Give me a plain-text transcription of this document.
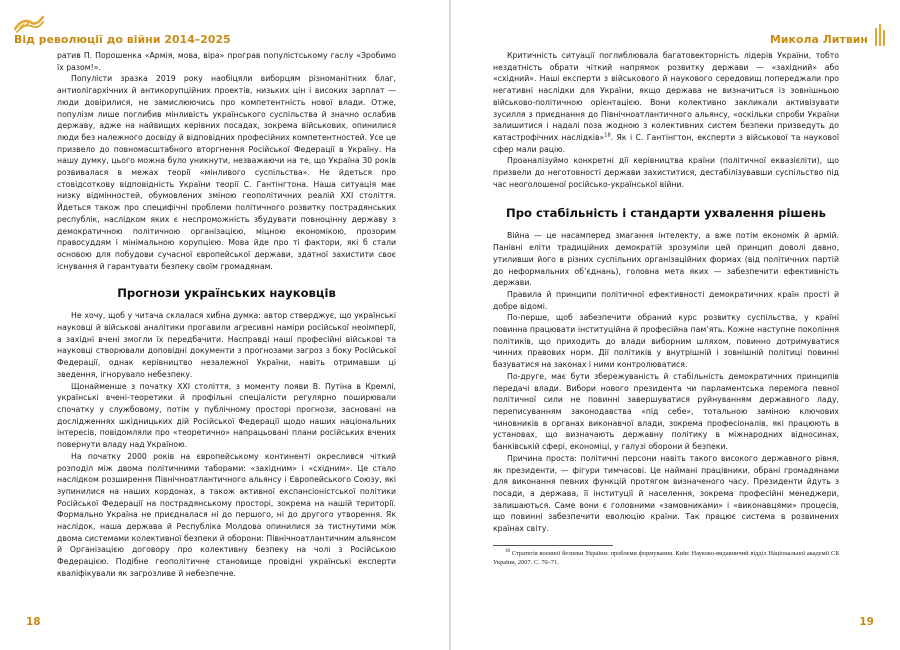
Від революції до війни 2014–2025

ратив П. Порошенка «Армія, мова, віра» програв популістському гаслу «Зробимо їх разом!».

Популісти зразка 2019 року наобіцяли виборцям різноманітних благ, антиолігархічних й антикорупційних проектів, низьких цін і високих зарплат — люди довірилися, не замислюючись про компетентність нової влади. Отже, популізм лише поглибив мінливість українського суспільства й значно ослабив державу, адже на найвищих керівних посадах, зокрема військових, опинилися люди без належного досвіду й відповідних професійних компетентностей. Усе це призвело до повномасштабного вторгнення Російської Федерації в Україну. На нашу думку, цього можна було уникнути, незважаючи на те, що Україна 30 років розвивалася в межах теорії «мінливого суспільства». Не йдеться про стовідсоткову відповідність України теорії С. Гантінгтона. Наша ситуація має низку відмінностей, обумовлених зміною геополітичних реалій XXI століття. Йдеться також про специфічні проблеми політичного розвитку пострадянських республік, наслідком яких є неспроможність збудувати повноцінну державу з демократичною політичною організацією, міцною економікою, прозорим правосуддям і мінімальною корупцією. Мова йде про ті фактори, які б стали основою для побудови сучасної європейської держави, здатної захистити своє існування й гарантувати безпеку своїм громадянам.

Прогнози українських науковців

Не хочу, щоб у читача склалася хибна думка: автор стверджує, що українські науковці й військові аналітики прогавили агресивні наміри російської неоімперії, а західні вчені змогли їх передбачити. Насправді наші професійні військові та науковці створювали доповідні документи з прогнозами загроз з боку Російської Федерації, однак керівництво незалежної України, навіть отримавши ці зведення, ігнорувало небезпеку.

Щонайменше з початку XXI століття, з моменту появи В. Путіна в Кремлі, українські вчені-теоретики й профільні спеціалісти регулярно поширювали спочатку у службовому, потім у публічному просторі прогнози, засновані на дослідженнях шкідницьких дій Російської Федерації щодо наших національних інтересів, повідомляли про «теоретично» напрацьовані плани російських вчених повернути владу над Україною.

На початку 2000 років на європейському континенті окреслився чіткий розподіл між двома політичними таборами: «західним» і «східним». Це стало наслідком розширення Північноатлантичного альянсу і Європейського Союзу, які зупинилися на наших кордонах, а також активної експансіоністської політики Російської Федерації на пострадянському просторі, зокрема на нашій території. Формально Україна не приєдналася ні до першого, ні до другого утворення. Як наслідок, наша держава й Республіка Молдова опинилися за тистнутими між двома системами колективної безпеки й оборони: Північноатлантичним альянсом й Організацією договору про колективну безпеку на чолі з Російською Федерацією. Подібне геополітичне становище провідні українські експерти кваліфікували як загрозливе й небезпечне.

18
Микола Литвин

Критичність ситуації поглиблювала багатовекторність лідерів України, тобто нездатність обрати чіткий напрямок розвитку держави — «західний» або «східний». Наші експерти з військового й наукового середовищ попереджали про негативні наслідки для України, якщо держава не визначиться із зовнішньою військово-політичною орієнтацією. Вони колективно закликали активізувати зусилля з приєднання до Північноатлантичного альянсу, «оскільки спроби України залишитися і надалі поза жодною з колективних систем безпеки призведуть до катастрофічних наслідків»$^{18}$. Як і С. Гантінгтон, експерти з військової та наукової сфер мали рацію.

Проаналізуймо конкретні дії керівництва країни (політичної еквазієліти), що призвели до неготовності держави захиститися, дестабілізувавши суспільство під час неоголошеної російсько-української війни.

Про стабільність і стандарти ухвалення рішень

Війна — це насамперед змагання інтелекту, а вже потім економік й армій. Панівні еліти традиційних демократій зрозуміли цей принцип доволі давно, утиливши його в різних суспільних організаційних формах (від політичних партій до неформальних об’єднань), головна мета яких — забезпечити ефективність держави.

Правила й принципи політичної ефективності демократичних країн прості й добре відомі.

По-перше, щоб забезпечити обраний курс розвитку суспільства, у країні повинна працювати інституційна й професійна пам’ять. Кожне наступне покоління політиків, що приходить до влади виборним шляхом, повинно дотримуватися чинних правових норм. Дії політиків у внутрішній і зовнішній політиці повинні базуватися на законах і ними контролюватися.

По-друге, має бути збережуваність й стабільність демократичних принципів передачі влади. Вибори нового президента чи парламентська перемога певної політичної сили не повинні завершуватися руйнуванням державного ладу, переписуванням законодавства «під себе», тотальною заміною ключових чиновників в органах виконавчої влади, зокрема професіоналів, які працюють в установах, що визначають державну політику в міжнародних відносинах, банківській сфері, економіці, у галузі оборони й безпеки.

Причина проста: політичні персони навіть такого високого державного рівня, як президенти, — фігури тимчасові. Це наймані працівники, обрані громадянами для виконання певних функцій протягом визначеного часу. Президенти йдуть з посади, а держава, її інституції й населення, зокрема професійні менеджери, залишаються. Саме вони є головними «замовниками» і «виконавцями» процесів, що повинні забезпечити еволюцію країни. Так працює система в розвинених країнах світу.

$^{18}$ Стратегія воєнної безпеки України: проблеми формування. Київ: Науково-видавничий відділ Національної академії СБ України, 2007. С. 70–71.

19
